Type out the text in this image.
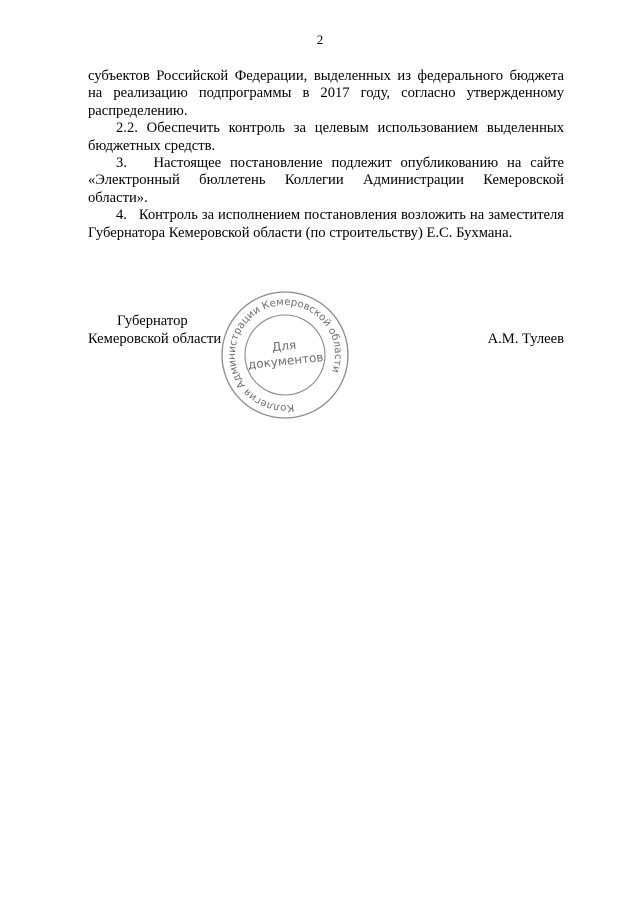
2

субъектов Российской Федерации, выделенных из федерального бюджета на реализацию подпрограммы в 2017 году, согласно утвержденному распределению.

2.2. Обеспечить контроль за целевым использованием выделенных бюджетных средств.

3.   Настоящее постановление подлежит опубликованию на сайте «Электронный бюллетень Коллегии Администрации Кемеровской области».

4.   Контроль за исполнением постановления возложить на заместителя Губернатора Кемеровской области (по строительству) Е.С. Бухмана.

Губернатор
Кемеровской области	А.М. Тулеев
Коллегия Администрации Кемеровской области
Для
документов
